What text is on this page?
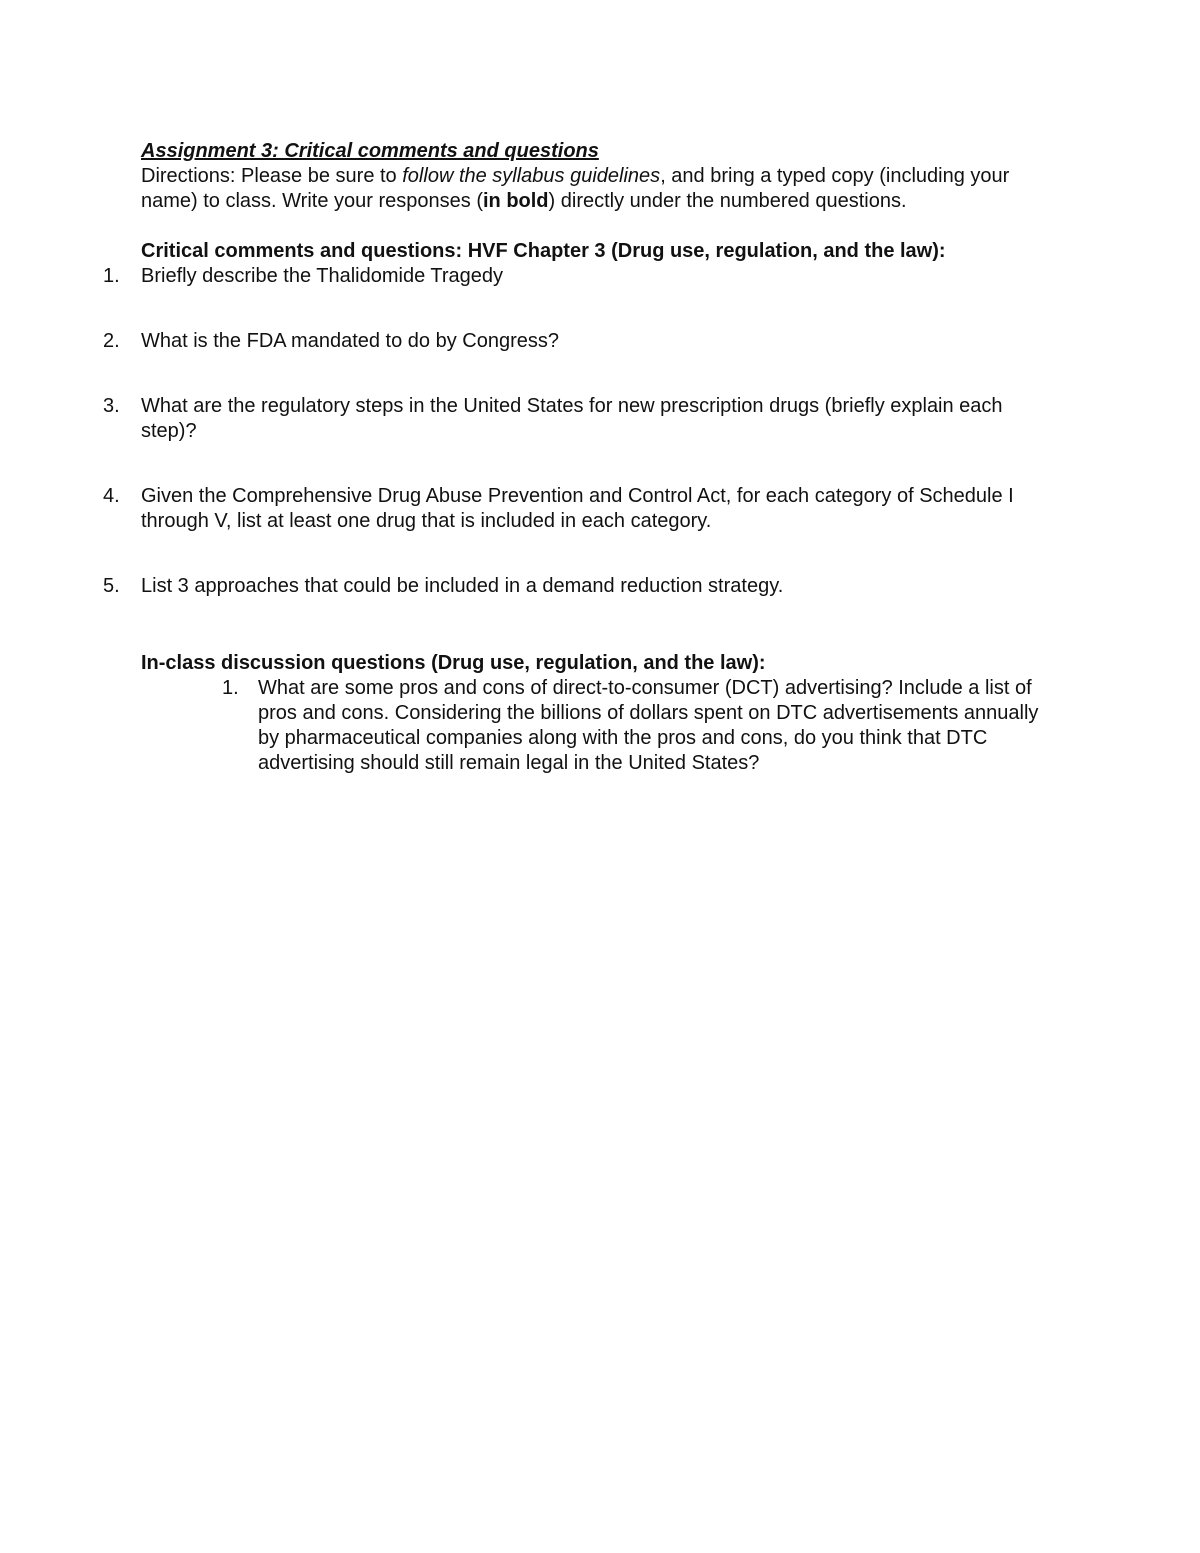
Assignment 3: Critical comments and questions

Directions: Please be sure to follow the syllabus guidelines, and bring a typed copy (including your name) to class. Write your responses (in bold) directly under the numbered questions.

Critical comments and questions: HVF Chapter 3 (Drug use, regulation, and the law):

1.	Briefly describe the Thalidomide Tragedy
2.	What is the FDA mandated to do by Congress?
3.	What are the regulatory steps in the United States for new prescription drugs (briefly explain each step)?
4.	Given the Comprehensive Drug Abuse Prevention and Control Act, for each category of Schedule I through V, list at least one drug that is included in each category.
5.	List 3 approaches that could be included in a demand reduction strategy.

In-class discussion questions (Drug use, regulation, and the law):

1. What are some pros and cons of direct-to-consumer (DCT) advertising? Include a list of pros and cons. Considering the billions of dollars spent on DTC advertisements annually by pharmaceutical companies along with the pros and cons, do you think that DTC advertising should still remain legal in the United States?
